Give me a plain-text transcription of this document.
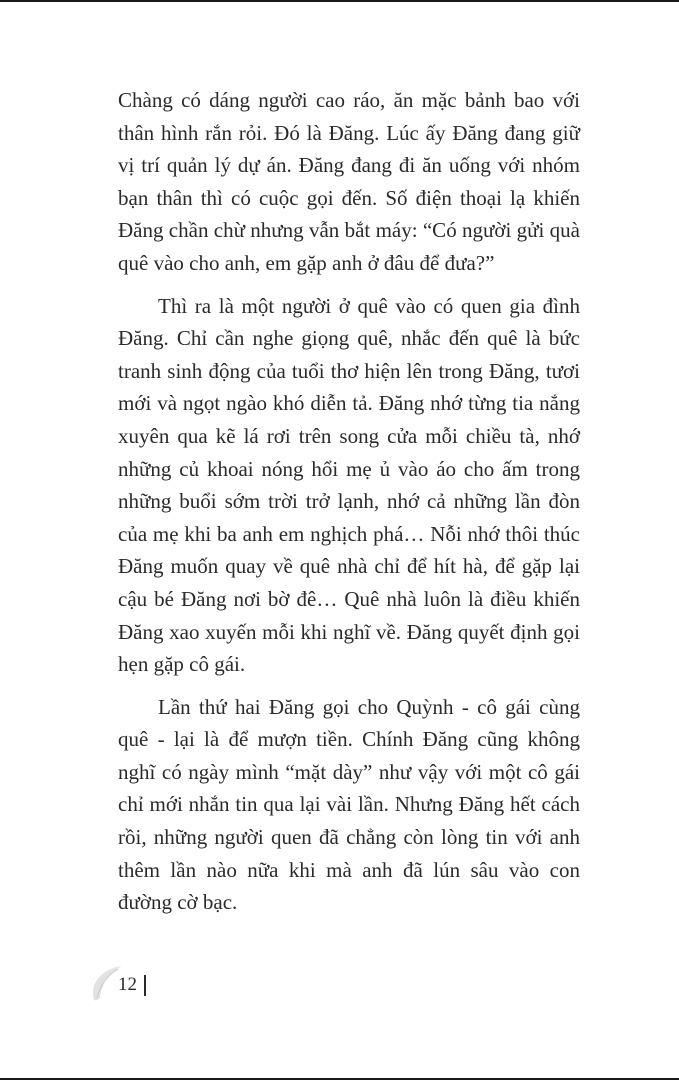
Chàng có dáng người cao ráo, ăn mặc bảnh bao với thân hình rắn rỏi. Đó là Đăng. Lúc ấy Đăng đang giữ vị trí quản lý dự án. Đăng đang đi ăn uống với nhóm bạn thân thì có cuộc gọi đến. Số điện thoại lạ khiến Đăng chần chừ nhưng vẫn bắt máy: “Có người gửi quà quê vào cho anh, em gặp anh ở đâu để đưa?”

Thì ra là một người ở quê vào có quen gia đình Đăng. Chỉ cần nghe giọng quê, nhắc đến quê là bức tranh sinh động của tuổi thơ hiện lên trong Đăng, tươi mới và ngọt ngào khó diễn tả. Đăng nhớ từng tia nắng xuyên qua kẽ lá rơi trên song cửa mỗi chiều tà, nhớ những củ khoai nóng hổi mẹ ủ vào áo cho ấm trong những buổi sớm trời trở lạnh, nhớ cả những lần đòn của mẹ khi ba anh em nghịch phá… Nỗi nhớ thôi thúc Đăng muốn quay về quê nhà chỉ để hít hà, để gặp lại cậu bé Đăng nơi bờ đê… Quê nhà luôn là điều khiến Đăng xao xuyến mỗi khi nghĩ về. Đăng quyết định gọi hẹn gặp cô gái.

Lần thứ hai Đăng gọi cho Quỳnh - cô gái cùng quê - lại là để mượn tiền. Chính Đăng cũng không nghĩ có ngày mình “mặt dày” như vậy với một cô gái chỉ mới nhắn tin qua lại vài lần. Nhưng Đăng hết cách rồi, những người quen đã chẳng còn lòng tin với anh thêm lần nào nữa khi mà anh đã lún sâu vào con đường cờ bạc.

12
